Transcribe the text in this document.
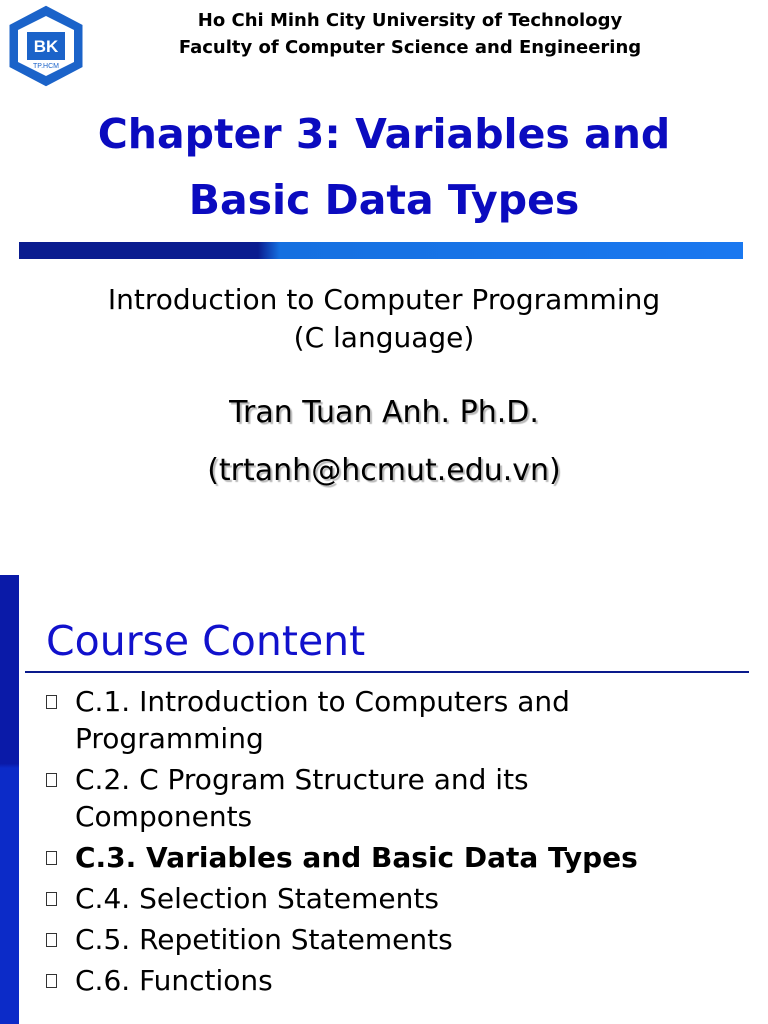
BK
TP.HCM
Ho Chi Minh City University of Technology
Faculty of Computer Science and Engineering
Chapter 3: Variables and
Basic Data Types
Introduction to Computer Programming
(C language)
Tran Tuan Anh. Ph.D.
(trtanh@hcmut.edu.vn)
Course Content
C.1. Introduction to Computers and
Programming
C.2. C Program Structure and its
Components
C.3. Variables and Basic Data Types
C.4. Selection Statements
C.5. Repetition Statements
C.6. Functions
